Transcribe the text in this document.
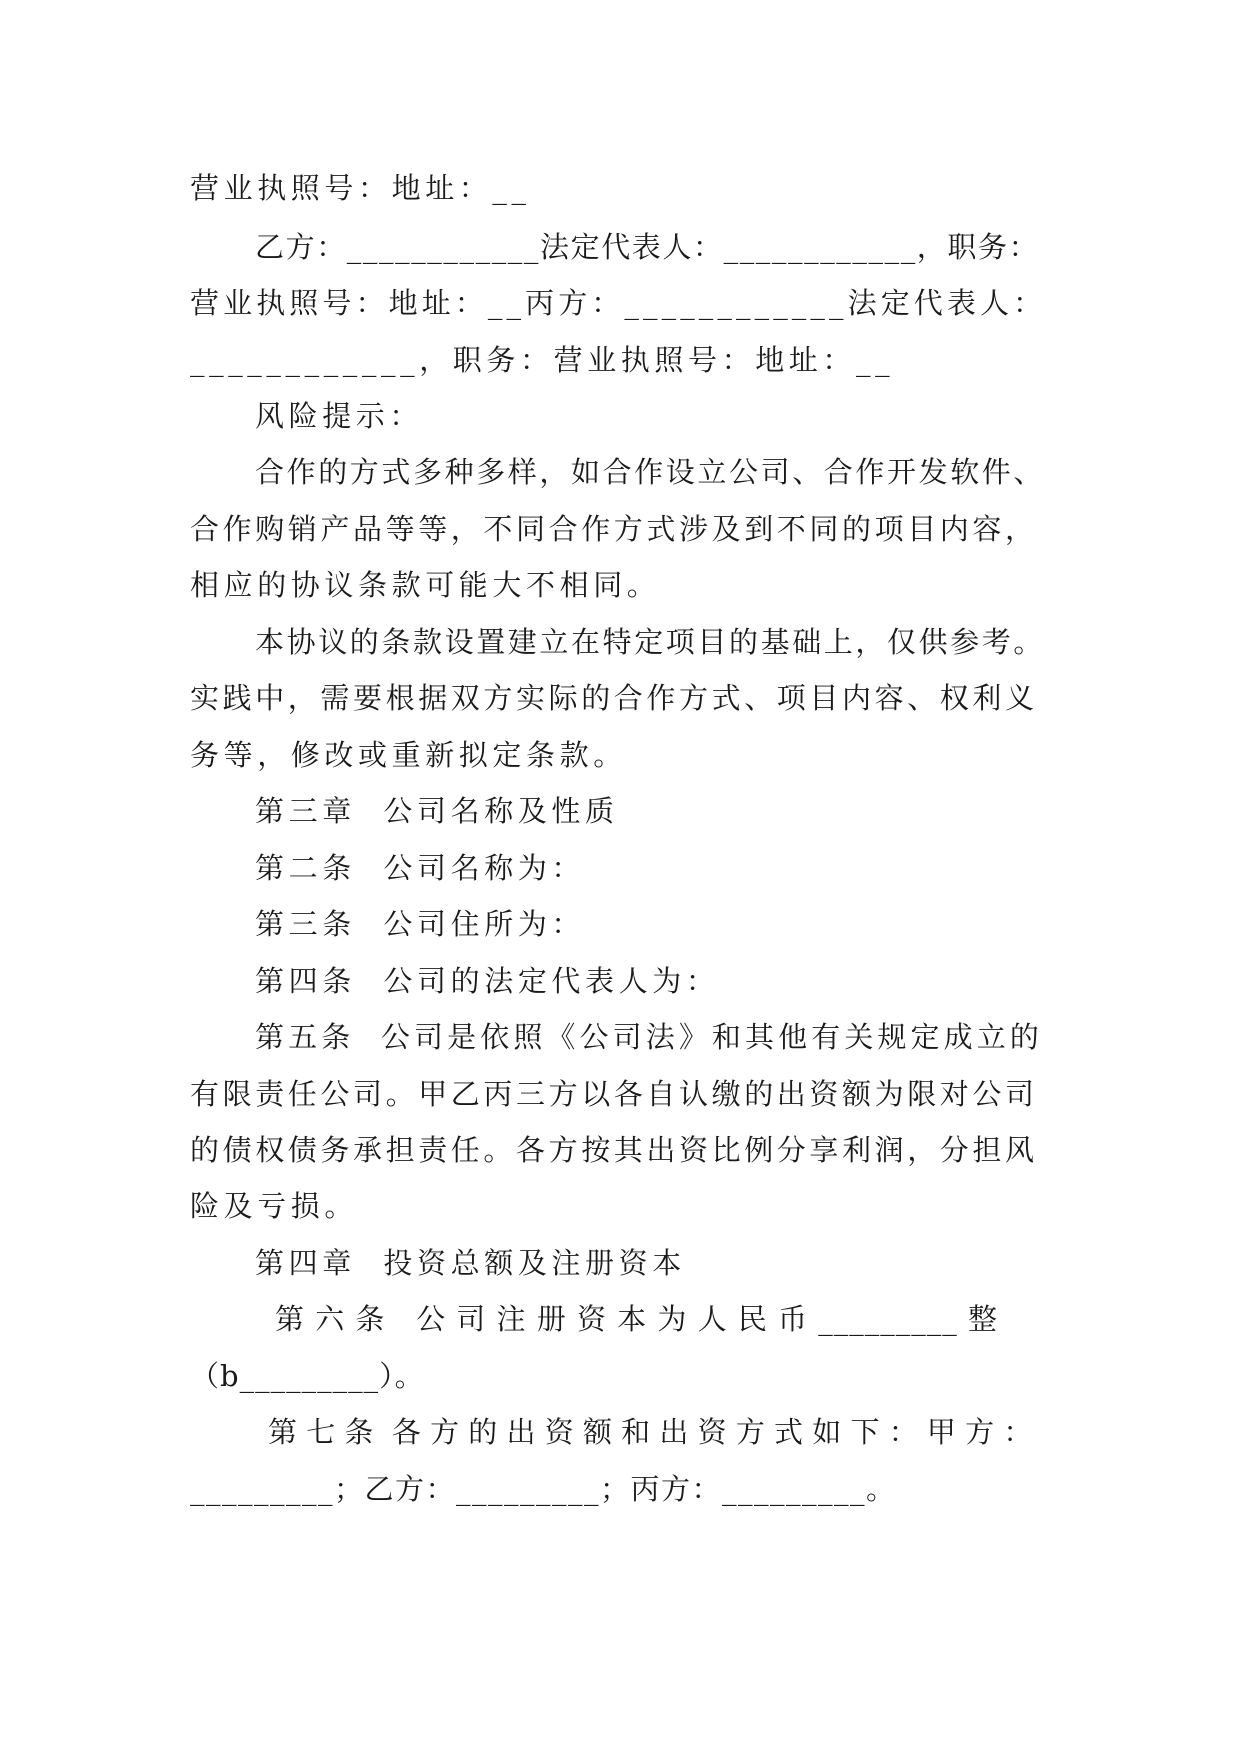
营业执照号：地址：__
乙方：____________法定代表人：____________，职务：
营业执照号：地址：__丙方：____________法定代表人：
____________，职务：营业执照号：地址：__
风险提示：
合作的方式多种多样，如合作设立公司、合作开发软件、
合作购销产品等等，不同合作方式涉及到不同的项目内容，
相应的协议条款可能大不相同。
本协议的条款设置建立在特定项目的基础上，仅供参考。
实践中，需要根据双方实际的合作方式、项目内容、权利义
务等，修改或重新拟定条款。
第三章  公司名称及性质
第二条  公司名称为：
第三条  公司住所为：
第四条  公司的法定代表人为：
第五条  公司是依照《公司法》和其他有关规定成立的
有限责任公司。甲乙丙三方以各自认缴的出资额为限对公司
的债权债务承担责任。各方按其出资比例分享利润，分担风
险及亏损。
第四章  投资总额及注册资本
第 六 条   公 司 注 册 资 本 为 人 民 币 _________ 整
（b_________）。
第 七 条  各 方 的 出 资 额 和 出 资 方 式 如 下 ： 甲 方 ：
_________；乙方：_________；丙方：_________。
